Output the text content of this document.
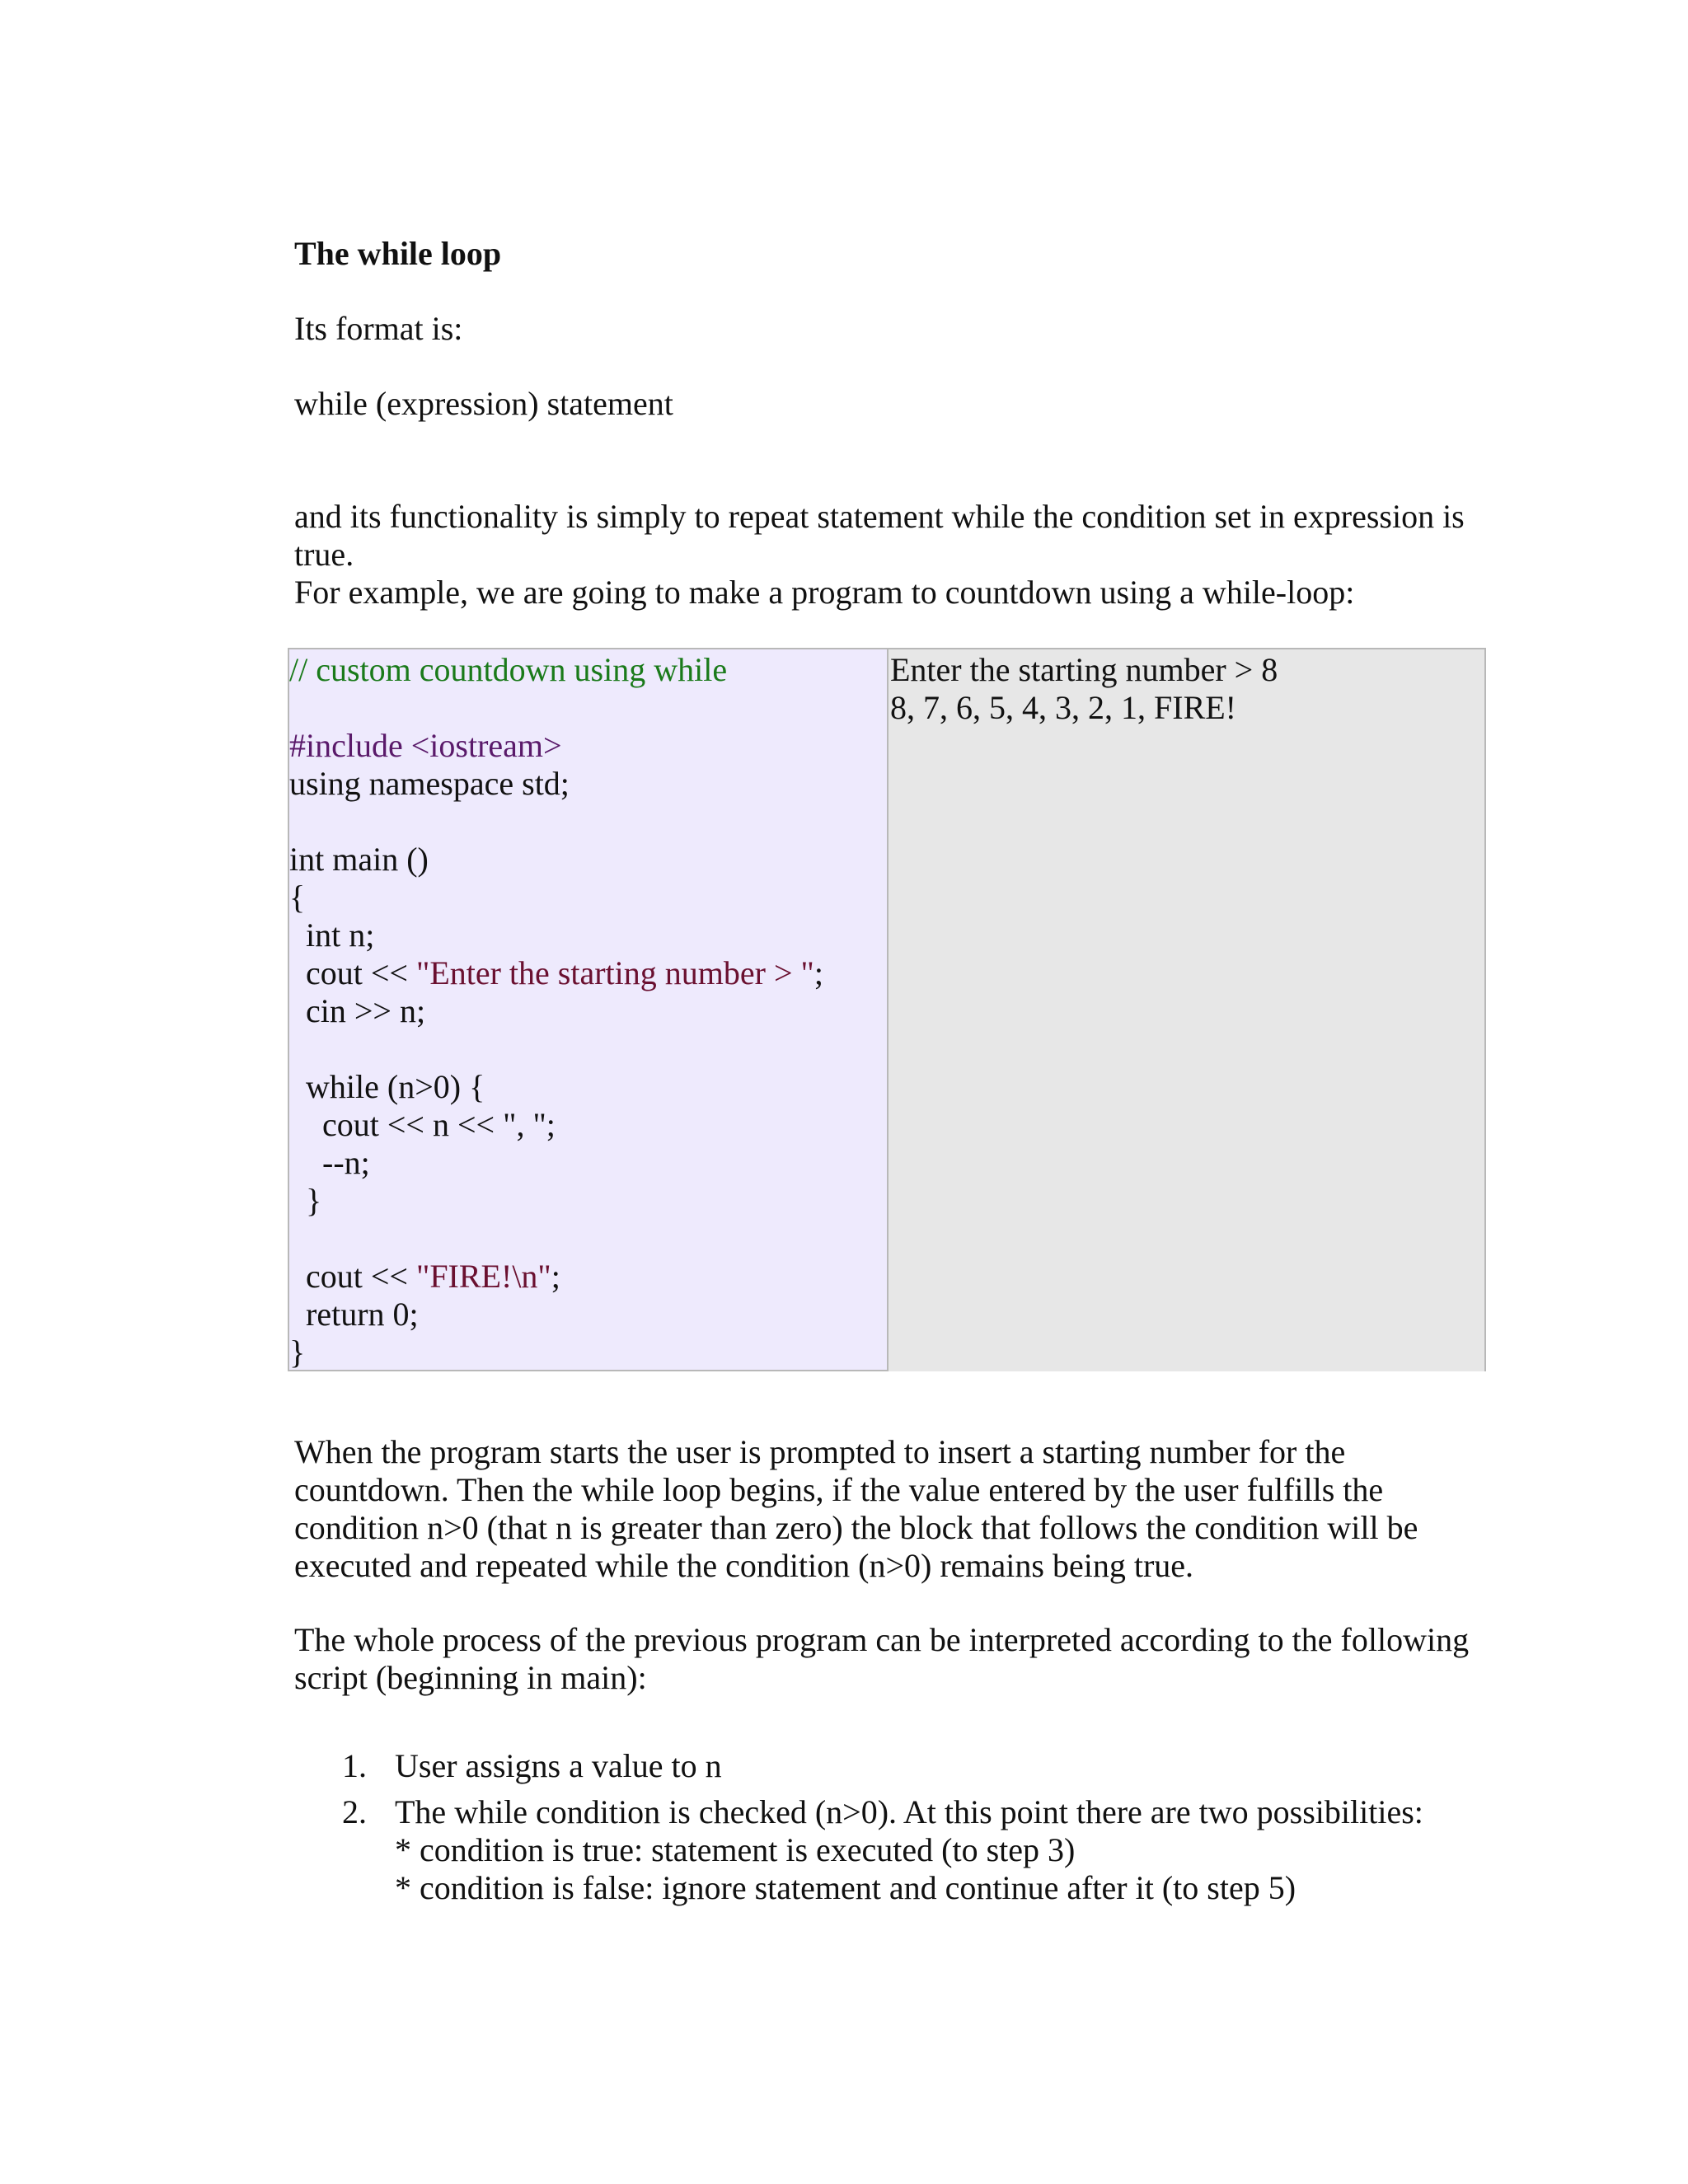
The while loop

Its format is:

while (expression) statement

and its functionality is simply to repeat statement while the condition set in expression is true.

For example, we are going to make a program to countdown using a while-loop:

// custom countdown using while
#include <iostream>
using namespace std;
int main ()
{
int n;
cout << "Enter the starting number > ";
cin >> n;
while (n>0) {
cout << n << ", ";
--n;
}
cout << "FIRE!\n";
return 0;
}
Enter the starting number > 8
8, 7, 6, 5, 4, 3, 2, 1, FIRE!

When the program starts the user is prompted to insert a starting number for the countdown. Then the while loop begins, if the value entered by the user fulfills the condition n>0 (that n is greater than zero) the block that follows the condition will be executed and repeated while the condition (n>0) remains being true.

The whole process of the previous program can be interpreted according to the following script (beginning in main):

1. User assigns a value to n
2. The while condition is checked (n>0). At this point there are two possibilities:
* condition is true: statement is executed (to step 3)
* condition is false: ignore statement and continue after it (to step 5)
